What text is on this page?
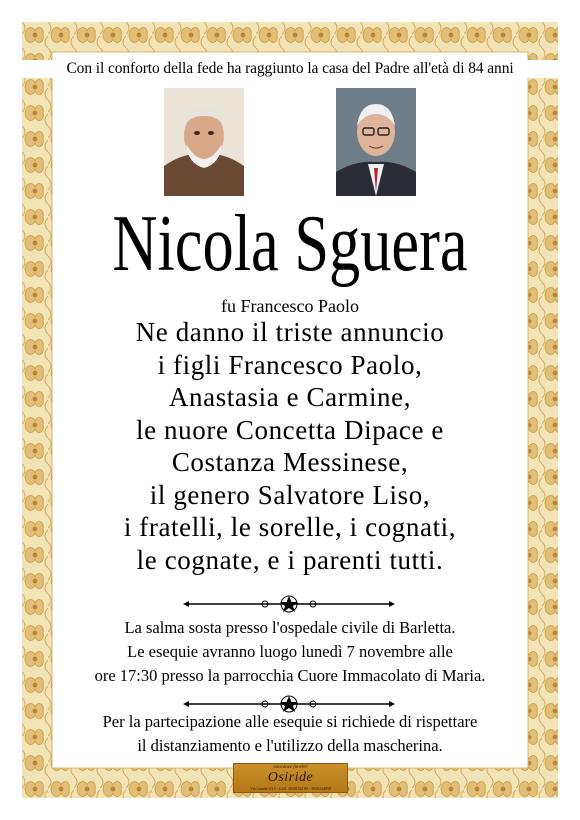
Con il conforto della fede ha raggiunto la casa del Padre all'età di 84 anni
Nicola Sguera
fu Francesco Paolo
Ne danno il triste annuncio
i figli Francesco Paolo,
Anastasia e Carmine,
le nuore Concetta Dipace e
Costanza Messinese,
il genero Salvatore Liso,
i fratelli, le sorelle, i cognati,
le cognate, e i parenti tutti.
La salma sosta presso l'ospedale civile di Barletta.
Le esequie avranno luogo lunedì 7 novembre alle
ore 17:30 presso la parrocchia Cuore Immacolato di Maria.
Per la partecipazione alle esequie si richiede di rispettare
il distanziamento e l'utilizzo della mascherina.
onoranze funebri
Osiride
Via Canale 6/15 - Cell. 3939152199 - 3939244850
